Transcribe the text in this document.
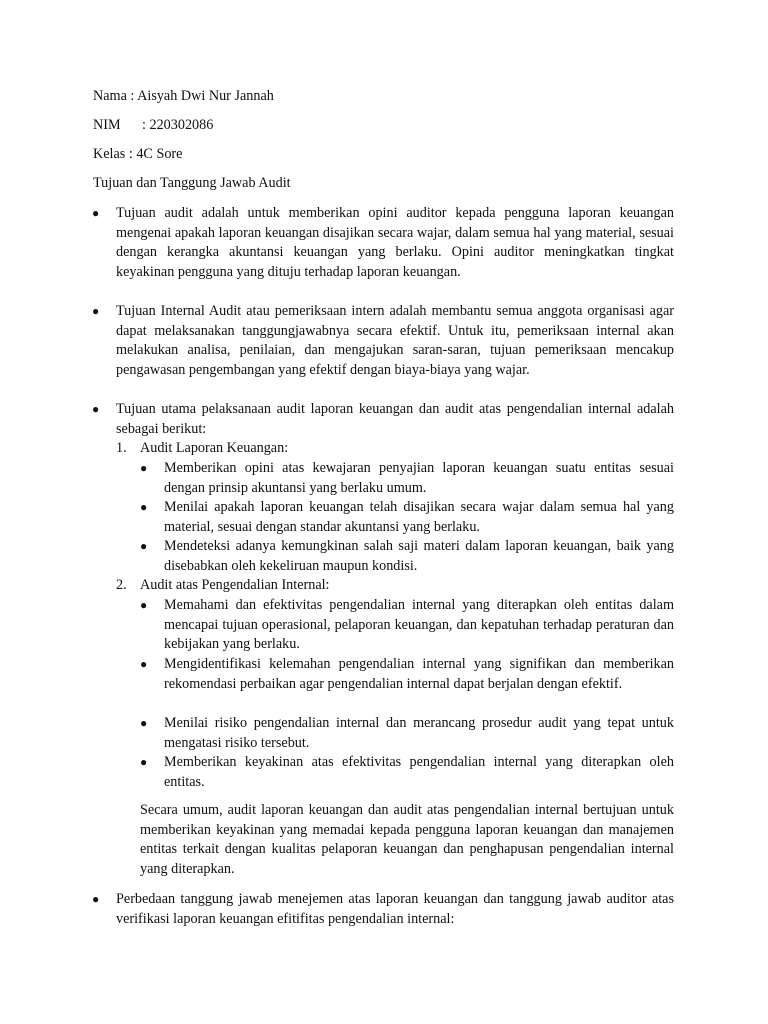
Nama : Aisyah Dwi Nur Jannah

NIM : 220302086

Kelas : 4C Sore

Tujuan dan Tanggung Jawab Audit

● Tujuan audit adalah untuk memberikan opini auditor kepada pengguna laporan keuangan mengenai apakah laporan keuangan disajikan secara wajar, dalam semua hal yang material, sesuai dengan kerangka akuntansi keuangan yang berlaku. Opini auditor meningkatkan tingkat keyakinan pengguna yang dituju terhadap laporan keuangan.

● Tujuan Internal Audit atau pemeriksaan intern adalah membantu semua anggota organisasi agar dapat melaksanakan tanggungjawabnya secara efektif. Untuk itu, pemeriksaan internal akan melakukan analisa, penilaian, dan mengajukan saran-saran, tujuan pemeriksaan mencakup pengawasan pengembangan yang efektif dengan biaya-biaya yang wajar.

● Tujuan utama pelaksanaan audit laporan keuangan dan audit atas pengendalian internal adalah sebagai berikut:

1. Audit Laporan Keuangan:

● Memberikan opini atas kewajaran penyajian laporan keuangan suatu entitas sesuai dengan prinsip akuntansi yang berlaku umum.

● Menilai apakah laporan keuangan telah disajikan secara wajar dalam semua hal yang material, sesuai dengan standar akuntansi yang berlaku.

● Mendeteksi adanya kemungkinan salah saji materi dalam laporan keuangan, baik yang disebabkan oleh kekeliruan maupun kondisi.

2. Audit atas Pengendalian Internal:

● Memahami dan efektivitas pengendalian internal yang diterapkan oleh entitas dalam mencapai tujuan operasional, pelaporan keuangan, dan kepatuhan terhadap peraturan dan kebijakan yang berlaku.

● Mengidentifikasi kelemahan pengendalian internal yang signifikan dan memberikan rekomendasi perbaikan agar pengendalian internal dapat berjalan dengan efektif.

● Menilai risiko pengendalian internal dan merancang prosedur audit yang tepat untuk mengatasi risiko tersebut.

● Memberikan keyakinan atas efektivitas pengendalian internal yang diterapkan oleh entitas.

Secara umum, audit laporan keuangan dan audit atas pengendalian internal bertujuan untuk memberikan keyakinan yang memadai kepada pengguna laporan keuangan dan manajemen entitas terkait dengan kualitas pelaporan keuangan dan penghapusan pengendalian internal yang diterapkan.

● Perbedaan tanggung jawab menejemen atas laporan keuangan dan tanggung jawab auditor atas verifikasi laporan keuangan efitifitas pengendalian internal:
